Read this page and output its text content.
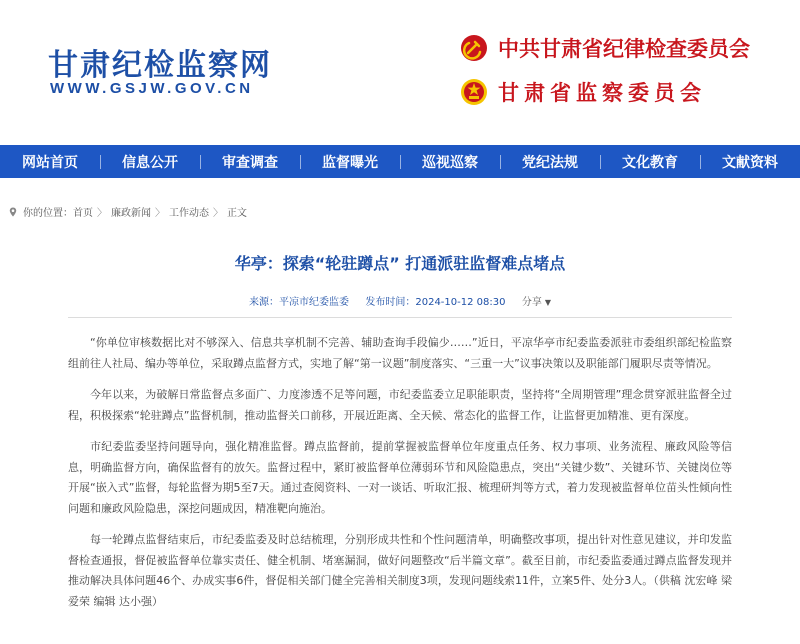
甘肃纪检监察网
WWW.GSJW.GOV.CN
中共甘肃省纪律检查委员会
甘肃省监察委员会
网站首页	信息公开	审查调查	监督曝光	巡视巡察	党纪法规	文化教育	文献资料
你的位置： 首页 〉 廉政新闻 〉 工作动态 〉 正文
华亭：探索“轮驻蹲点” 打通派驻监督难点堵点
来源：平凉市纪委监委 发布时间：2024-10-12 08:30 分享 ▼

“你单位审核数据比对不够深入、信息共享机制不完善、辅助查询手段偏少……”近日，平凉华亭市纪委监委派驻市委组织部纪检监察组前往人社局、编办等单位，采取蹲点监督方式，实地了解“第一议题”制度落实、“三重一大”议事决策以及职能部门履职尽责等情况。

今年以来，为破解日常监督点多面广、力度渗透不足等问题，市纪委监委立足职能职责，坚持将“全周期管理”理念贯穿派驻监督全过程，积极探索“轮驻蹲点”监督机制，推动监督关口前移，开展近距离、全天候、常态化的监督工作，让监督更加精准、更有深度。

市纪委监委坚持问题导向，强化精准监督。蹲点监督前，提前掌握被监督单位年度重点任务、权力事项、业务流程、廉政风险等信息，明确监督方向，确保监督有的放矢。监督过程中，紧盯被监督单位薄弱环节和风险隐患点，突出“关键少数”、关键环节、关键岗位等开展“嵌入式”监督，每轮监督为期5至7天。通过查阅资料、一对一谈话、听取汇报、梳理研判等方式，着力发现被监督单位苗头性倾向性问题和廉政风险隐患，深挖问题成因，精准靶向施治。

每一轮蹲点监督结束后，市纪委监委及时总结梳理，分别形成共性和个性问题清单，明确整改事项，提出针对性意见建议，并印发监督检查通报，督促被监督单位靠实责任、健全机制、堵塞漏洞，做好问题整改“后半篇文章”。截至目前，市纪委监委通过蹲点监督发现并推动解决具体问题46个、办成实事6件，督促相关部门健全完善相关制度3项，发现问题线索11件，立案5件、处分3人。（供稿 沈宏峰 梁爱荣 编辑 达小强）
